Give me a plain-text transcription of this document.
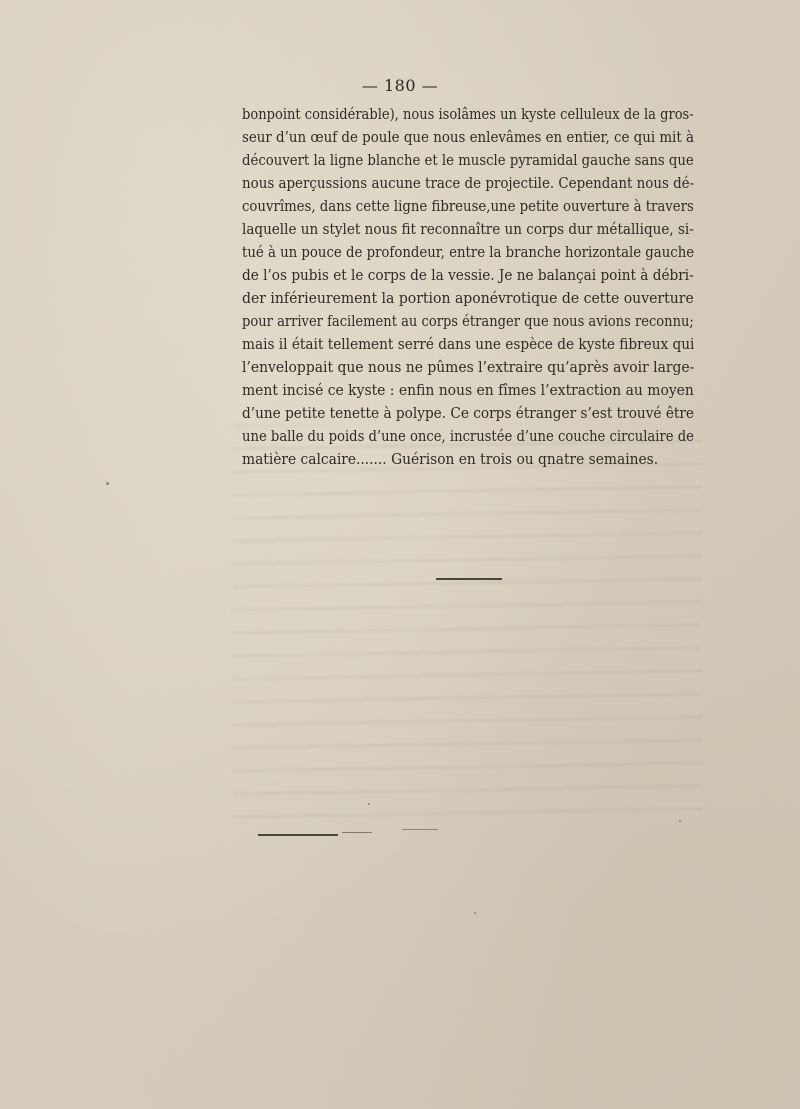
— 180 —
bonpoint considérable), nous isolâmes un kyste celluleux de la gros-
seur d’un œuf de poule que nous enlevâmes en entier, ce qui mit à
découvert la ligne blanche et le muscle pyramidal gauche sans que
nous aperçussions aucune trace de projectile. Cependant nous dé-
couvrîmes, dans cette ligne fibreuse,une petite ouverture à travers
laquelle un stylet nous fit reconnaître un corps dur métallique, si-
tué à un pouce de profondeur, entre la branche horizontale gauche
de l’os pubis et le corps de la vessie. Je ne balançai point à débri-
der inférieurement la portion aponévrotique de cette ouverture
pour arriver facilement au corps étranger que nous avions reconnu;
mais il était tellement serré dans une espèce de kyste fibreux qui
l’enveloppait que nous ne pûmes l’extraire qu’après avoir large-
ment incisé ce kyste : enfin nous en fîmes l’extraction au moyen
d’une petite tenette à polype. Ce corps étranger s’est trouvé être
une balle du poids d’une once, incrustée d’une couche circulaire de
matière calcaire....... Guérison en trois ou qnatre semaines.
